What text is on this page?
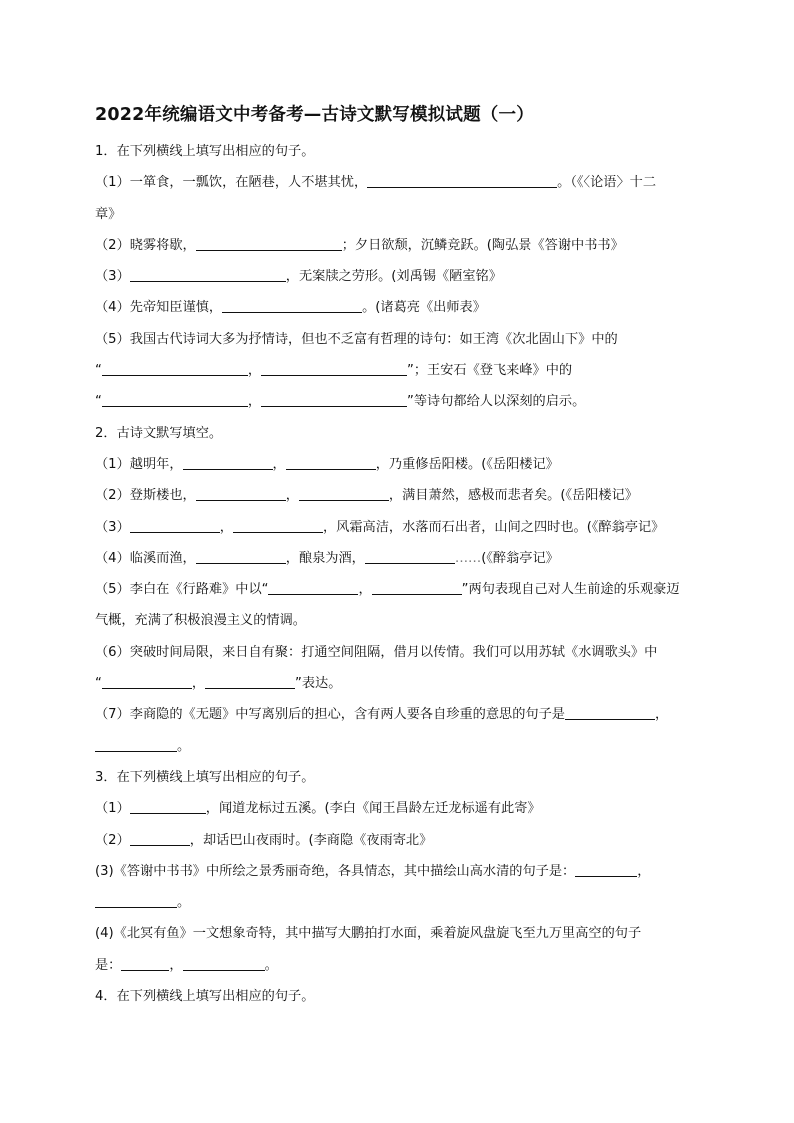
2022年统编语文中考备考—古诗文默写模拟试题（一）
1．在下列横线上填写出相应的句子。
（1）一箪食，一瓢饮，在陋巷，人不堪其忧，	。（《〈论语〉十二
章》
（2）晓雾将歇，	；夕日欲颓，沉鳞竞跃。(陶弘景《答谢中书书》
（3）	，无案牍之劳形。(刘禹锡《陋室铭》
（4）先帝知臣谨慎，	。(诸葛亮《出师表》
（5）我国古代诗词大多为抒情诗，但也不乏富有哲理的诗句：如王湾《次北固山下》中的
“	，	”；王安石《登飞来峰》中的
“	，	”等诗句都给人以深刻的启示。
2．古诗文默写填空。
（1）越明年，	，	，乃重修岳阳楼。(《岳阳楼记》
（2）登斯楼也，	，	，满目萧然，感极而悲者矣。(《岳阳楼记》
（3）	，	，风霜高洁，水落而石出者，山间之四时也。(《醉翁亭记》
（4）临溪而渔，	，酿泉为酒，	……(《醉翁亭记》
（5）李白在《行路难》中以“	，	”两句表现自己对人生前途的乐观豪迈
气概，充满了积极浪漫主义的情调。
（6）突破时间局限，来日自有聚：打通空间阻隔，借月以传情。我们可以用苏轼《水调歌头》中
“	，	”表达。
（7）李商隐的《无题》中写离别后的担心，含有两人要各自珍重的意思的句子是	，
。
3．在下列横线上填写出相应的句子。
（1）	，闻道龙标过五溪。(李白《闻王昌龄左迁龙标遥有此寄》
（2）	，却话巴山夜雨时。(李商隐《夜雨寄北》
(3)《答谢中书书》中所绘之景秀丽奇绝，各具情态，其中描绘山高水清的句子是：	，
。
(4)《北冥有鱼》一文想象奇特，其中描写大鹏拍打水面，乘着旋风盘旋飞至九万里高空的句子
是：	，	。
4．在下列横线上填写出相应的句子。
